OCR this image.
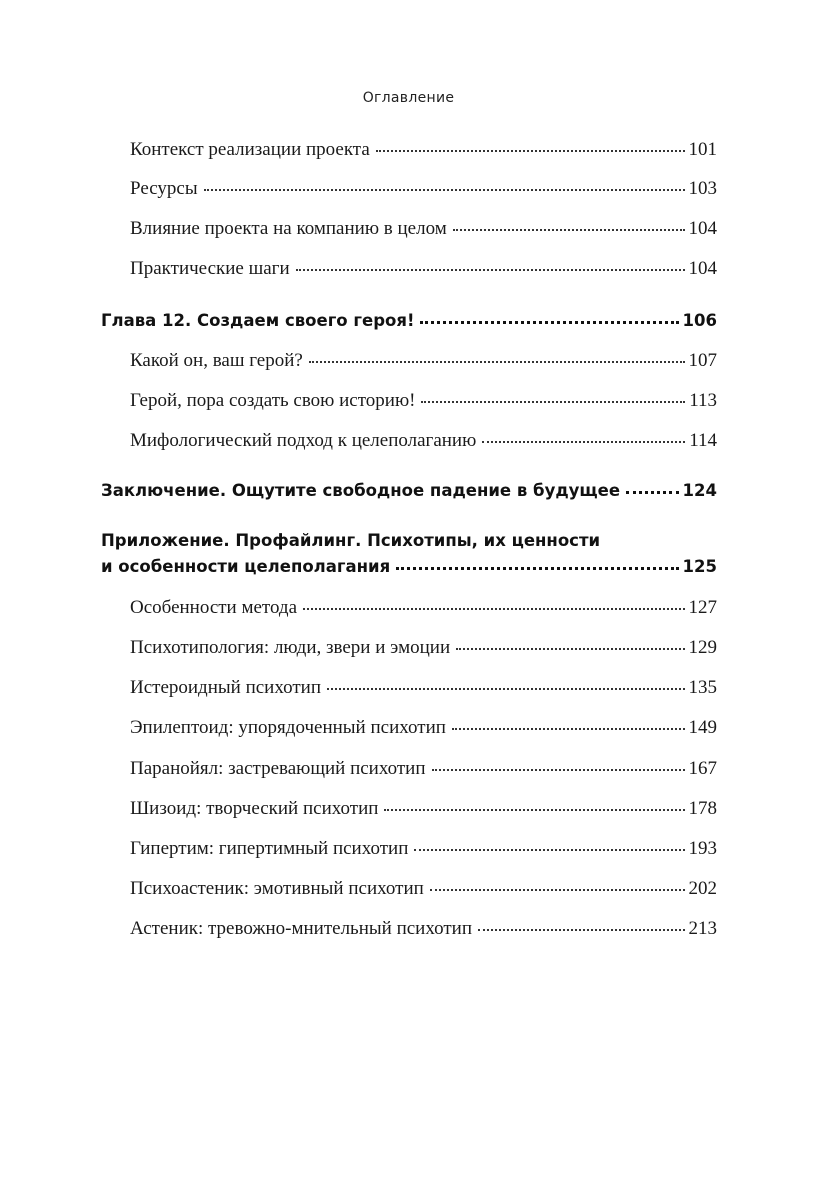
Оглавление
Контекст реализации проекта	101
Ресурсы	103
Влияние проекта на компанию в целом	104
Практические шаги	104
Глава 12. Создаем своего героя!	106
Какой он, ваш герой?	107
Герой, пора создать свою историю!	113
Мифологический подход к целеполаганию	114
Заключение. Ощутите свободное падение в будущее	124
Приложение. Профайлинг. Психотипы, их ценности
и особенности целеполагания	125
Особенности метода	127
Психотипология: люди, звери и эмоции	129
Истероидный психотип	135
Эпилептоид: упорядоченный психотип	149
Паранойял: застревающий психотип	167
Шизоид: творческий психотип	178
Гипертим: гипертимный психотип	193
Психоастеник: эмотивный психотип	202
Астеник: тревожно-мнительный психотип	213
